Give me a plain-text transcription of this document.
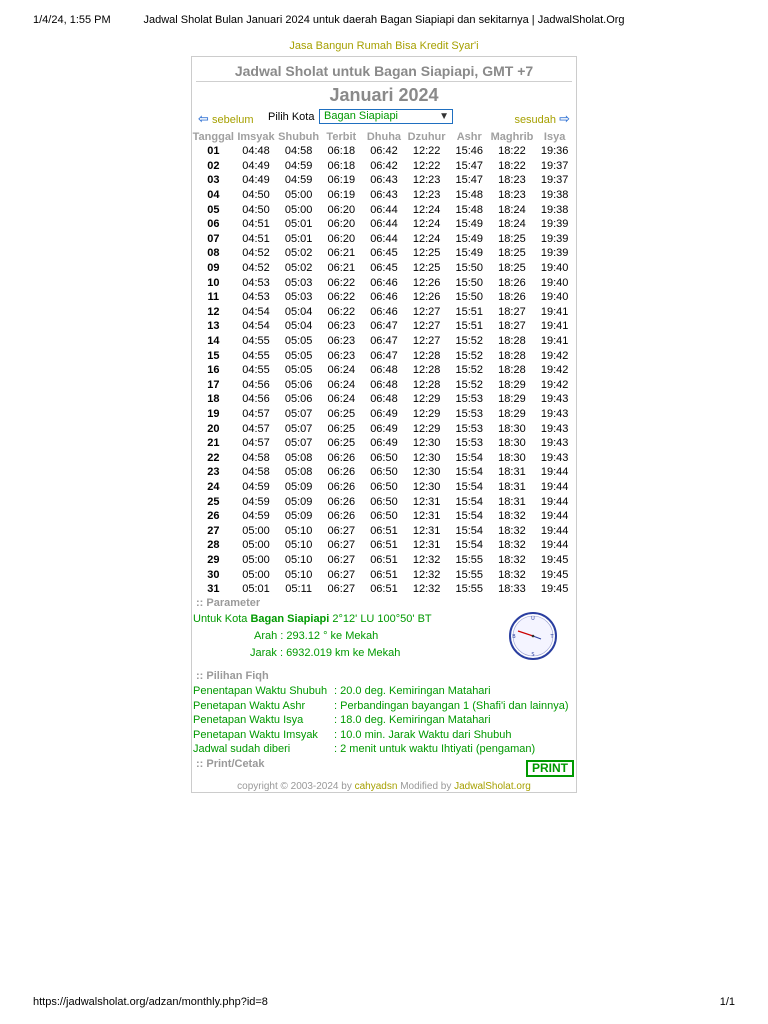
1/4/24, 1:55 PM	Jadwal Sholat Bulan Januari 2024 untuk daerah Bagan Siapiapi dan sekitarnya | JadwalSholat.Org
Jasa Bangun Rumah Bisa Kredit Syar'i
Jadwal Sholat untuk Bagan Siapiapi, GMT +7
Januari 2024
⇦ sebelum Pilih Kota Bagan Siapiapi	▼	sesudah ⇨
Tanggal	Imsyak	Shubuh	Terbit	Dhuha	Dzuhur	Ashr	Maghrib	Isya
01	04:48	04:58	06:18	06:42	12:22	15:46	18:22	19:36
02	04:49	04:59	06:18	06:42	12:22	15:47	18:22	19:37
03	04:49	04:59	06:19	06:43	12:23	15:47	18:23	19:37
04	04:50	05:00	06:19	06:43	12:23	15:48	18:23	19:38
05	04:50	05:00	06:20	06:44	12:24	15:48	18:24	19:38
06	04:51	05:01	06:20	06:44	12:24	15:49	18:24	19:39
07	04:51	05:01	06:20	06:44	12:24	15:49	18:25	19:39
08	04:52	05:02	06:21	06:45	12:25	15:49	18:25	19:39
09	04:52	05:02	06:21	06:45	12:25	15:50	18:25	19:40
10	04:53	05:03	06:22	06:46	12:26	15:50	18:26	19:40
11	04:53	05:03	06:22	06:46	12:26	15:50	18:26	19:40
12	04:54	05:04	06:22	06:46	12:27	15:51	18:27	19:41
13	04:54	05:04	06:23	06:47	12:27	15:51	18:27	19:41
14	04:55	05:05	06:23	06:47	12:27	15:52	18:28	19:41
15	04:55	05:05	06:23	06:47	12:28	15:52	18:28	19:42
16	04:55	05:05	06:24	06:48	12:28	15:52	18:28	19:42
17	04:56	05:06	06:24	06:48	12:28	15:52	18:29	19:42
18	04:56	05:06	06:24	06:48	12:29	15:53	18:29	19:43
19	04:57	05:07	06:25	06:49	12:29	15:53	18:29	19:43
20	04:57	05:07	06:25	06:49	12:29	15:53	18:30	19:43
21	04:57	05:07	06:25	06:49	12:30	15:53	18:30	19:43
22	04:58	05:08	06:26	06:50	12:30	15:54	18:30	19:43
23	04:58	05:08	06:26	06:50	12:30	15:54	18:31	19:44
24	04:59	05:09	06:26	06:50	12:30	15:54	18:31	19:44
25	04:59	05:09	06:26	06:50	12:31	15:54	18:31	19:44
26	04:59	05:09	06:26	06:50	12:31	15:54	18:32	19:44
27	05:00	05:10	06:27	06:51	12:31	15:54	18:32	19:44
28	05:00	05:10	06:27	06:51	12:31	15:54	18:32	19:44
29	05:00	05:10	06:27	06:51	12:32	15:55	18:32	19:45
30	05:00	05:10	06:27	06:51	12:32	15:55	18:32	19:45
31	05:01	05:11	06:27	06:51	12:32	15:55	18:33	19:45
:: Parameter
Untuk Kota Bagan Siapiapi 2°12' LU 100°50' BT
Arah : 293.12 ° ke Mekah
Jarak : 6932.019 km ke Mekah
U
S
B	T
:: Pilihan Fiqh
Penentapan Waktu Shubuh : 20.0 deg. Kemiringan Matahari
Penetapan Waktu Ashr	: Perbandingan bayangan 1 (Shafi'i dan lainnya)
Penetapan Waktu Isya	: 18.0 deg. Kemiringan Matahari
Penetapan Waktu Imsyak : 10.0 min. Jarak Waktu dari Shubuh
Jadwal sudah diberi	: 2 menit untuk waktu Ihtiyati (pengaman)
:: Print/Cetak	PRINT
copyright © 2003-2024 by cahyadsn Modified by JadwalSholat.org
https://jadwalsholat.org/adzan/monthly.php?id=8	1/1
